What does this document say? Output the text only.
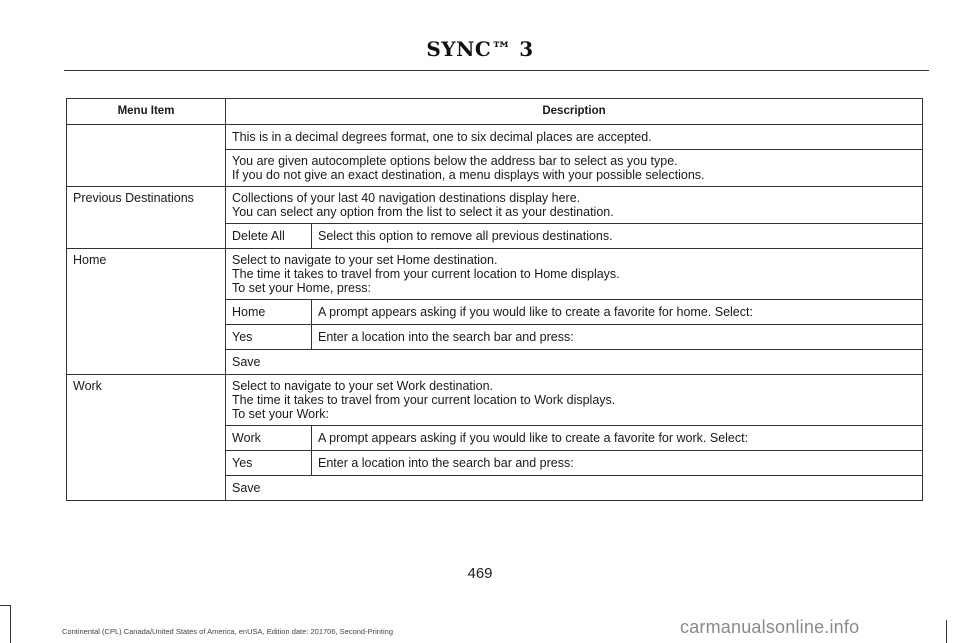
SYNC™ 3
Menu Item	Description	
	This is in a decimal degrees format, one to six decimal places are accepted.	

	You are given autocomplete options below the address bar to select as you type.
If you do not give an exact destination, a menu displays with your possible selections.	

Previous Destinations	Collections of your last 40 navigation destinations display here.
You can select any option from the list to select it as your destination.	

	Delete All	Select this option to remove all previous destinations.
Home	Select to navigate to your set Home destination.
The time it takes to travel from your current location to Home displays.
To set your Home, press:	

	Home	A prompt appears asking if you would like to create a favorite for home. Select:
	Yes	Enter a location into the search bar and press:
	Save	
Work	Select to navigate to your set Work destination.
The time it takes to travel from your current location to Work displays.
To set your Work:	

	Work	A prompt appears asking if you would like to create a favorite for work. Select:
	Yes	Enter a location into the search bar and press:
	Save	
469
Continental (CPL) Canada/United States of America, enUSA, Edition date: 201706, Second-Printing	carmanualsonline.info
